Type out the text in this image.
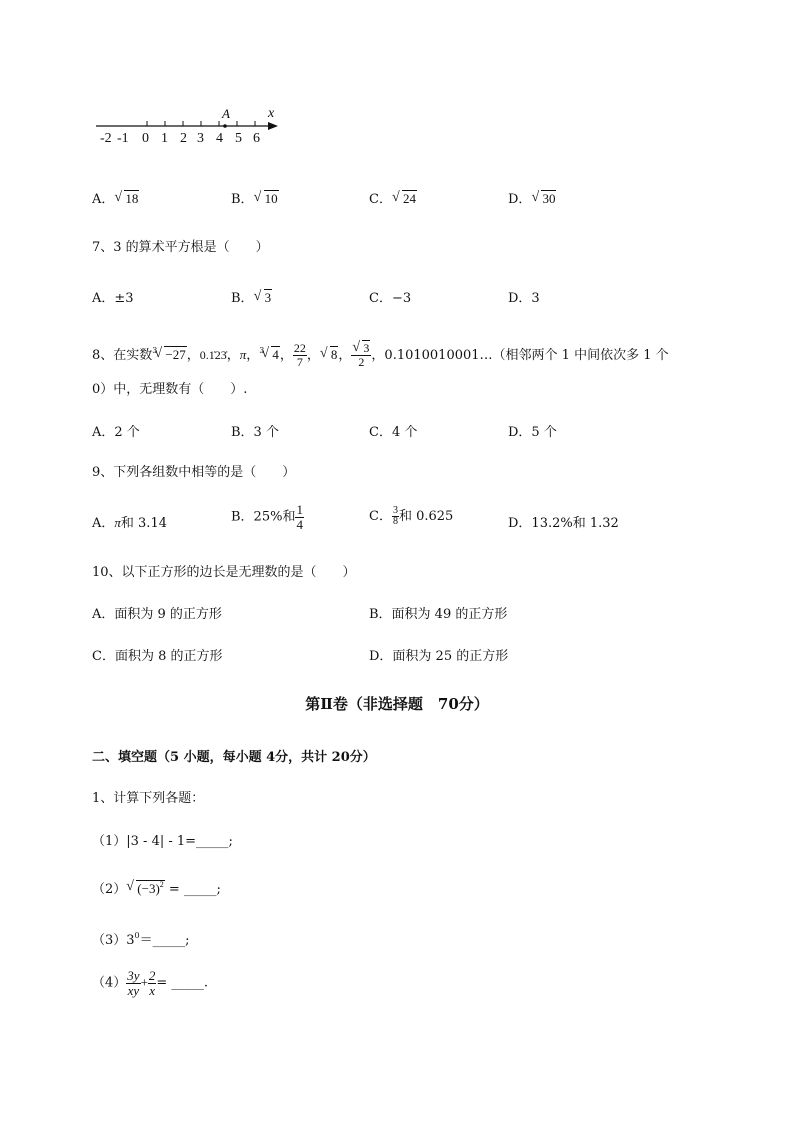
A	x
-2 -1 0 1 2 3 4 5 6
A． √ 18	B． √ 10	C． √ 24	D． √ 30
7、3 的算术平方根是（　　）
A．±3	B． √ 3	C．−3	D．3
8、在实数$^3$ √ −27，0.1̇23̇，π，$^3$ √ 4， $\frac{22}{7}$ ， √ 8， √ $\frac{3}{2}$ ，0.1010010001…（相邻两个 1 中间依次多 1 个
0）中，无理数有（　　）.
A．2 个	B．3 个	C．4 个	D．5 个
9、下列各组数中相等的是（　　）
A．π和 3.14	B．25%和 $\frac{1}{4}$	C． $\frac{3}{8}$ 和 0.625	D．13.2%和 1.32
10、以下正方形的边长是无理数的是（　　）
A．面积为 9 的正方形	B．面积为 49 的正方形
C．面积为 8 的正方形	D．面积为 25 的正方形
第Ⅱ卷（非选择题　70分）
二、填空题（5 小题，每小题 4分，共计 20分）
1、计算下列各题：
（1）|3 - 4| - 1=_____;
（2） √ $(-3)^2$ = _____;
$(3)3^0=\_\_\_\_\_$;
$(4) \frac{3y}{xy} + \frac{2}{x}$ = _____.
